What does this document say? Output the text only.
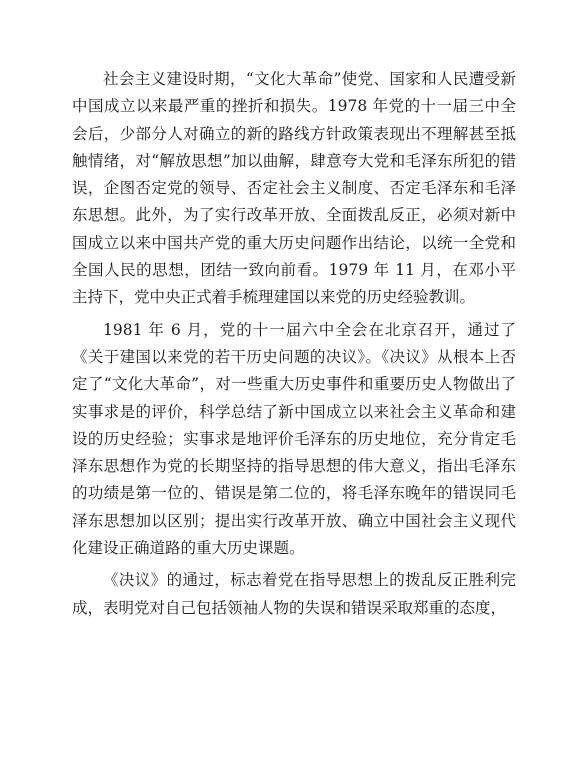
社会主义建设时期，“文化大革命”使党、国家和人民遭受新中国成立以来最严重的挫折和损失。1978 年党的十一届三中全会后，少部分人对确立的新的路线方针政策表现出不理解甚至抵触情绪，对“解放思想”加以曲解，肆意夸大党和毛泽东所犯的错误，企图否定党的领导、否定社会主义制度、否定毛泽东和毛泽东思想。此外，为了实行改革开放、全面拨乱反正，必须对新中国成立以来中国共产党的重大历史问题作出结论，以统一全党和全国人民的思想，团结一致向前看。1979 年 11 月，在邓小平主持下，党中央正式着手梳理建国以来党的历史经验教训。

1981 年 6 月，党的十一届六中全会在北京召开，通过了《关于建国以来党的若干历史问题的决议》。《决议》从根本上否定了“文化大革命”，对一些重大历史事件和重要历史人物做出了实事求是的评价，科学总结了新中国成立以来社会主义革命和建设的历史经验；实事求是地评价毛泽东的历史地位，充分肯定毛泽东思想作为党的长期坚持的指导思想的伟大意义，指出毛泽东的功绩是第一位的、错误是第二位的，将毛泽东晚年的错误同毛泽东思想加以区别；提出实行改革开放、确立中国社会主义现代化建设正确道路的重大历史课题。

《决议》的通过，标志着党在指导思想上的拨乱反正胜利完成，表明党对自己包括领袖人物的失误和错误采取郑重的态度，
